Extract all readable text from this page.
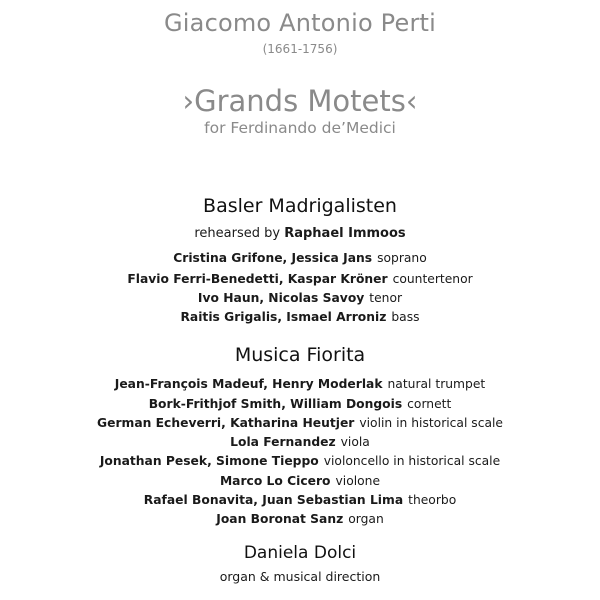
Giacomo Antonio Perti
(1661-1756)
›Grands Motets‹
for Ferdinando de’Medici
Basler Madrigalisten
rehearsed by Raphael Immoos
Cristina Grifone, Jessica Jans soprano
Flavio Ferri-Benedetti, Kaspar Kröner countertenor
Ivo Haun, Nicolas Savoy tenor
Raitis Grigalis, Ismael Arroniz bass
Musica Fiorita
Jean-François Madeuf, Henry Moderlak natural trumpet
Bork-Frithjof Smith, William Dongois cornett
German Echeverri, Katharina Heutjer violin in historical scale
Lola Fernandez viola
Jonathan Pesek, Simone Tieppo violoncello in historical scale
Marco Lo Cicero violone
Rafael Bonavita, Juan Sebastian Lima theorbo
Joan Boronat Sanz organ
Daniela Dolci
organ & musical direction
